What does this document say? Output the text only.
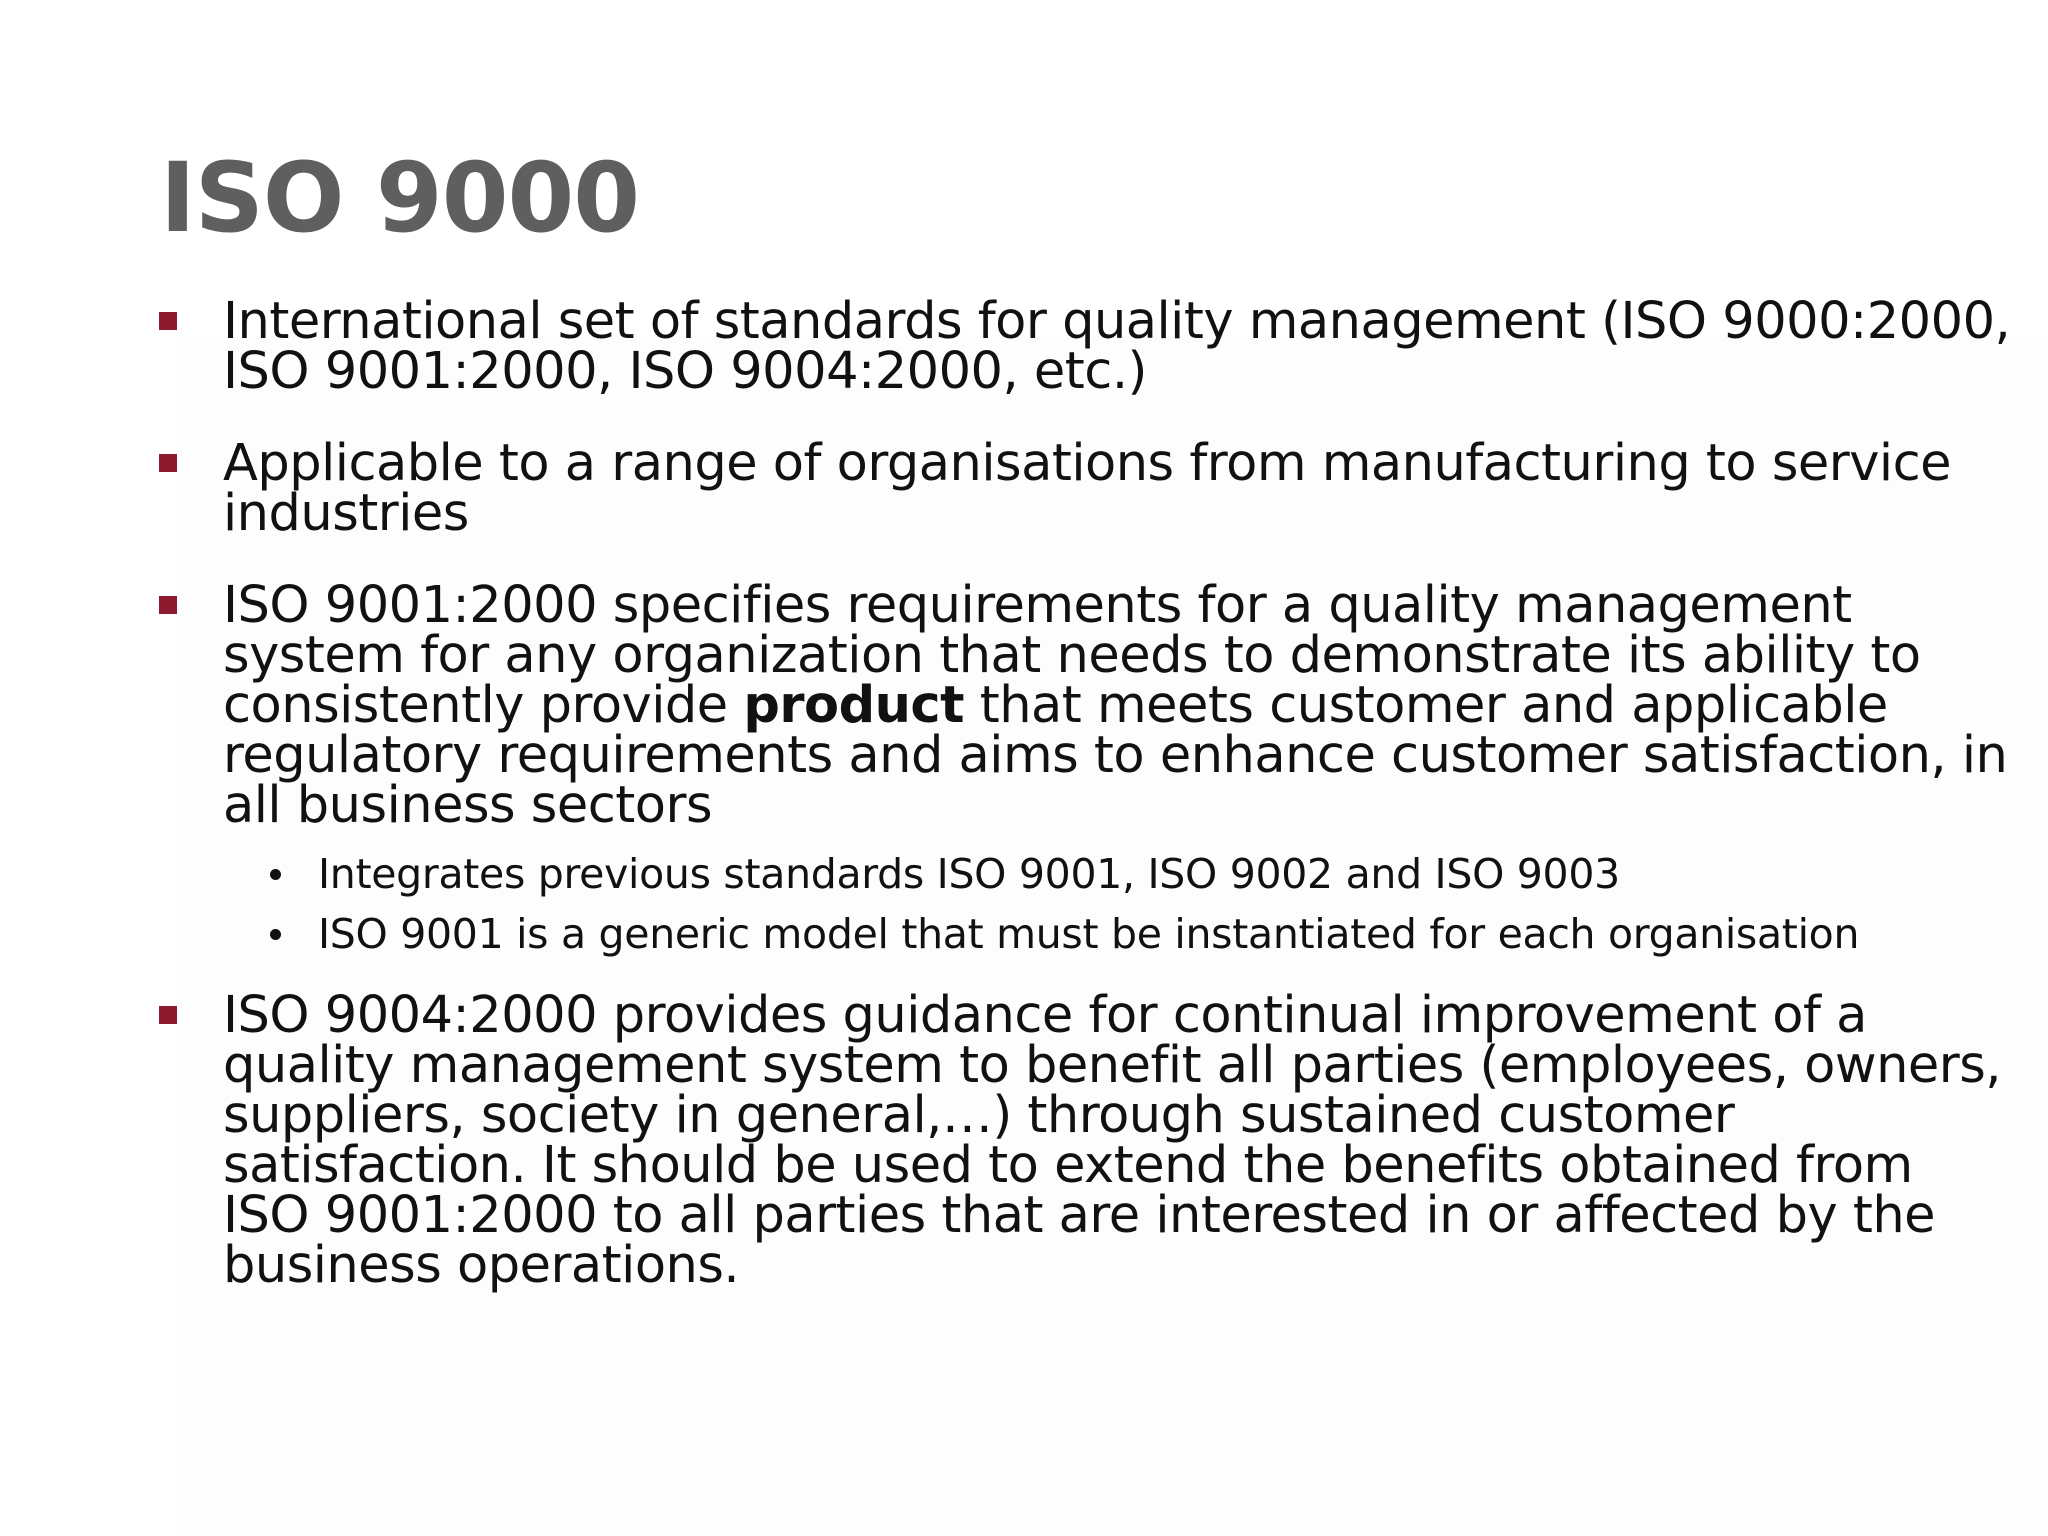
ISO 9000
International set of standards for quality management (ISO 9000:2000,
ISO 9001:2000, ISO 9004:2000, etc.)
Applicable to a range of organisations from manufacturing to service
industries
ISO 9001:2000 specifies requirements for a quality management
system for any organization that needs to demonstrate its ability to
consistently provide product that meets customer and applicable
regulatory requirements and aims to enhance customer satisfaction, in
all business sectors
Integrates previous standards ISO 9001, ISO 9002 and ISO 9003
ISO 9001 is a generic model that must be instantiated for each organisation
ISO 9004:2000 provides guidance for continual improvement of a
quality management system to benefit all parties (employees, owners,
suppliers, society in general,…) through sustained customer
satisfaction. It should be used to extend the benefits obtained from
ISO 9001:2000 to all parties that are interested in or affected by the
business operations.
